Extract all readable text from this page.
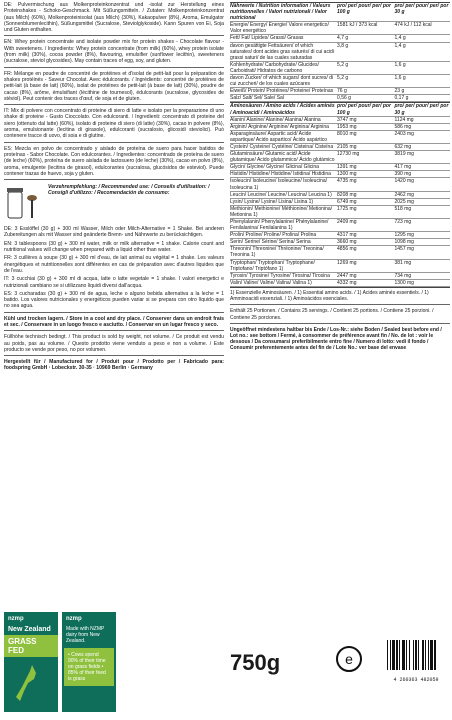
DE: Pulvermischung aus Molkenproteinkonzentrat und -isolat zur Herstellung eines Proteinshakes - Schoko-Geschmack. Mit Süßungsmitteln. / Zutaten: Molkenproteinkonzentrat (aus Milch) (60%), Molkenproteinisolat (aus Milch) (30%), Kakaopulver (8%), Aroma, Emulgator (Sonnenblumenlecithin), Süßungsmittel (Sucralose, Steviolglykoside). Kann Spuren von Ei, Soja und Gluten enthalten.

EN: Whey protein concentrate and isolate powder mix for protein shakes - Chocolate flavour - With sweeteners. / Ingredients: Whey protein concentrate (from milk) (60%), whey protein isolate (from milk) (30%), cocoa powder (8%), flavouring, emulsifier (sunflower lecithin), sweeteners (sucralose, steviol glycosides). May contain traces of egg, soy, and gluten.

FR: Mélange en poudre de concentré de protéines et d'isolat de petit-lait pour la préparation de shakes protéinés - Saveur Chocolat. Avec édulcorants. / Ingrédients: concentré de protéines de petit-lait (à base de lait) (60%), isolat de protéines de petit-lait (à base de lait) (30%), poudre de cacao (8%), arôme, émulsifiant (lécithine de tournesol), édulcorants (sucralose, glycosides de stéviol). Peut contenir des traces d'œuf, de soja et de gluten.

IT: Mix di polvere con concentrato di proteine di siero di latte e isolato per la preparazione di uno shake di proteine - Gusto Cioccolato. Con edulcoranti. / Ingredienti: concentrato di proteine del siero (ottenuto dal latte) (60%), isolato di proteine di siero (di latte) (30%), cacao in polvere (8%), aroma, emulsionante (lecitina di girasole), edulcoranti (sucralosio, glicosidi steviolici). Può contenere tracce di uovo, di soia e di glutine.

ES: Mezcla en polvo de concentrado y aislado de proteína de suero para hacer batidos de proteínas - Sabor Chocolate. Con edulcorantes. / Ingredientes: concentrado de proteína de suero (de leche) (60%), proteína de suero aislada de lactosuero (de leche) (30%), cacao en polvo (8%), aroma, emulgente (lecitina de girasol), edulcorantes (sucralosa, glucósidos de esteviol). Puede contener trazas de huevo, soja y gluten.

Verzehrempfehlung: / Recommended use: / Conseils d'utilisation: / Consigli d'utilizzo: / Recomendación de consumo:

DE: 3 Esslöffel (30 g) + 300 ml Wasser, Milch oder Milch-Alternative = 1 Shake. Bei anderen Zubereitungen als mit Wasser sind geänderte Brenn- und Nährwerte zu berücksichtigen.

EN: 3 tablespoons (30 g) + 300 ml water, milk or milk alternative = 1 shake. Calorie count and nutritional values will change when prepared with a liquid other than water.

FR: 3 cuillères à soupe (30 g) + 300 ml d'eau, de lait animal ou végétal = 1 shake. Les valeurs énergétiques et nutritionnelles sont différentes en cas de préparation avec d'autres liquides que de l'eau.

IT: 3 cucchiai (30 g) + 300 ml di acqua, latte o latte vegetale = 1 shake. I valori energetici e nutrizionali cambiano se si utilizzano liquidi diversi dall'acqua.

ES: 3 cucharadas (30 g) + 300 ml de agua, leche o alguno bebida alternativa a la leche = 1 batido. Los valores nutricionales y energéticos pueden variar si se prepara con otro líquido que no sea agua.

Kühl und trocken lagern. / Store in a cool and dry place. / Conserver dans un endroit frais et sec. / Conservare in un luogo fresco e asciutto. / Conservar en un lugar fresco y seco.

Füllhöhe technisch bedingt. / This product is sold by weight, not volume. / Ce produit est vendu au poids, pas au volume. / Questo prodotto viene venduto a peso e non a volume. / Este producto se vende por peso, no por volumen.

Hergestellt für / Manufactured for / Produit pour / Prodotto per / Fabricado para: foodspring GmbH · Lobeckstr. 30-35 · 10969 Berlin · Germany

nzmp
New Zealand
GRASS FED
nzmp
Made with NZMP dairy from New Zealand.
• Cows spend 90% of their time on grass fields • 85% of their feed is grass
Nährwerte / Nutrition information / Valeurs nutritionnelles / Valori nutrizionali / Valor nutricional
pro/ per/ pour/ per/ por 100 g
pro/ per/ pour/ per/ por 30 g
Energie/ Energy/ Energie/ Valore energetico/ Valor energético
1581 kJ / 373 kcal	474 kJ / 112 kcal
Fett/ Fat/ Lipides/ Grassi/ Grasas	4,7 g	1,4 g
davon gesättigte Fettsäuren/ of which saturates/ dont acides gras saturés/ di cui acidi grassi saturi/ de las cuales saturadas
3,8 g	1,4 g
Kohlenhydrate/ Carbohydrate/ Glucides/ Carboidrati/ Hidratos de carbono
5,2 g	1,6 g
davon Zucker/ of which sugars/ dont sucres/ di cui zuccheri/ de los cuales azúcares
5,2 g	1,6 g
Eiweiß/ Protein/ Protéines/ Proteine/ Proteínas 76 g	23 g
Salz/ Salt/ Sel/ Sale/ Sal	0,56 g	0,17 g
Aminosäuren / Amino acids / Acides aminés / Aminoacidi / Aminoácidos
pro/ per/ pour/ per/ por 100 g
pro/ per/ pour/ per/ por 30 g
Alanin/ Alanine/ Alanine/ Alanina/ Alanina	3747 mg	1124 mg
Arginin/ Arginine/ Arginine/ Arginina/ Arginina	1953 mg	586 mg
Asparaginsäure/ Aspartic acid/ Acide aspartique/ Acido aspartico/ Ácido aspártico
8010 mg	2403 mg
Cystein/ Cysteine/ Cystéine/ Cisteina/ Cisteína 2105 mg	632 mg
Glutaminsäure/ Glutamic acid/ Acide glutamique/ Acido glutammico/ Ácido glutámico
12730 mg	3819 mg
Glycin/ Glycine/ Glycine/ Glicina/ Glicina	1391 mg	417 mg
Histidin/ Histidine/ Histidine/ Istidina/ Histidina	1300 mg	390 mg
Isoleucin/ Isoleucine/ Isoleucine/ Isoleucina/ Isoleucina 1)
4735 mg	1420 mg
Leucin/ Leucine/ Leucine/ Leucina/ Leucina 1)	8208 mg	2462 mg
Lysin/ Lysine/ Lysine/ Lisina/ Lisina 1)	6749 mg	2025 mg
Methionin/ Methionine/ Méthionine/ Metionina/ Metionina 1)
1725 mg	518 mg
Phenylalanin/ Phenylalanine/ Phénylalanine/ Fenilalanina/ Fenilalanina 1)
2409 mg	723 mg
Prolin/ Proline/ Proline/ Prolina/ Prolina	4317 mg	1295 mg
Serin/ Serine/ Sérine/ Serina/ Serina	3660 mg	1098 mg
Threonin/ Threonine/ Thréonine/ Treonina/ Treonina 1)
4856 mg	1457 mg
Tryptophan/ Tryptophan/ Tryptophane/ Triptofano/ Triptófano 1)
1269 mg	381 mg
Tyrosin/ Tyrosine/ Tyrosine/ Tirosina/ Tirosina	2447 mg	734 mg
Valin/ Valine/ Valine/ Valina/ Valina 1)	4332 mg	1300 mg
1) Essenzielle Aminosäuren. / 1) Essential amino acids. / 1) Acides aminés essentiels. / 1) Amminoacidi essenziali. / 1) Aminoácidos esenciales.
Enthält 25 Portionen. / Contains 25 servings. / Contient 25 portions. / Contiene 25 porzioni. / Contiene 25 porciones.
Ungeöffnet mindestens haltbar bis Ende / Los-Nr.: siehe Boden / Sealed best before end / Lot no.: see bottom / Fermé, à consommer de préférence avant fin / No. de lot : voir le dessous / Da consumarsi preferibilmente entro fine / Numero di lotto: vedi il fondo / Consumir preferentemente antes del fin de / Lote No.: ver base del envase
750g	e
4 260363 482059
